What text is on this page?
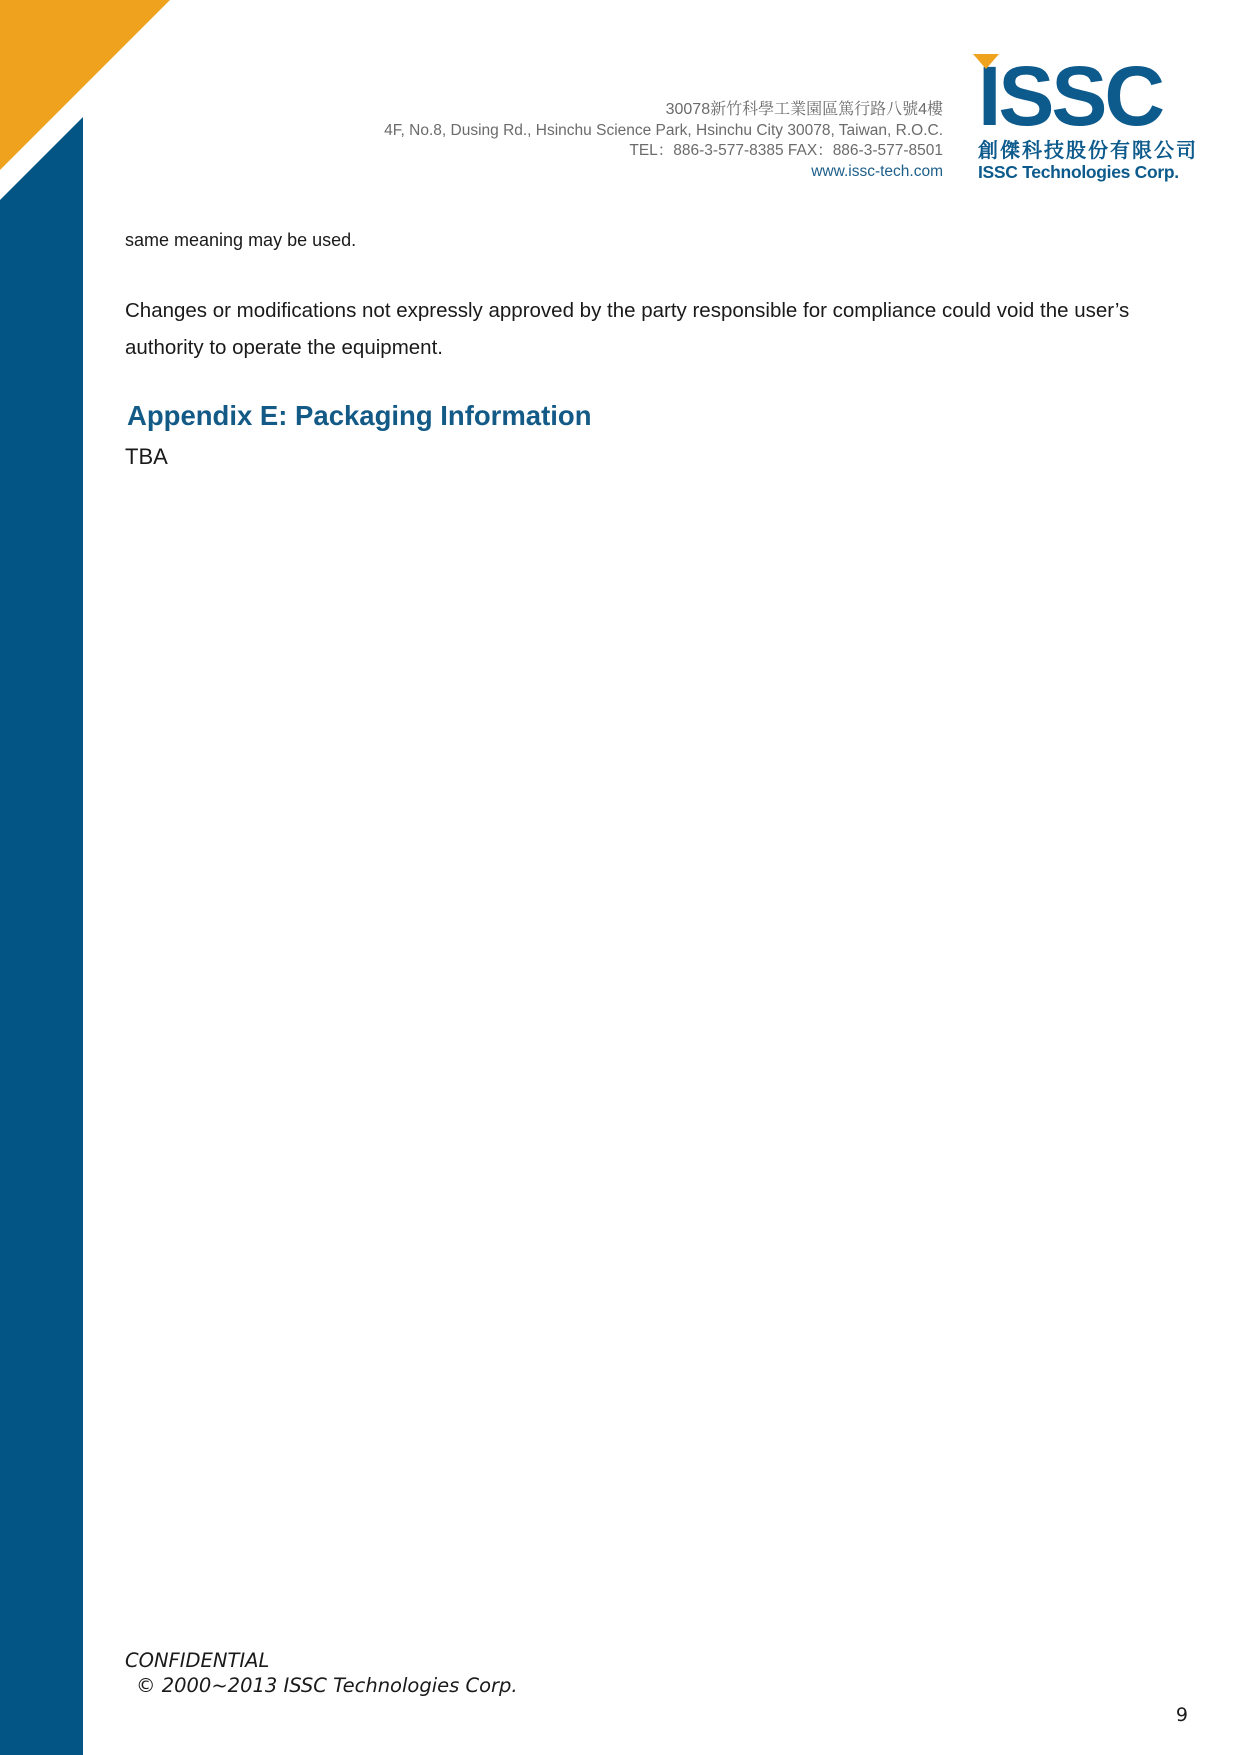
30078新竹科學工業園區篤行路八號4樓
4F, No.8, Dusing Rd., Hsinchu Science Park, Hsinchu City 30078, Taiwan, R.O.C.
TEL：886-3-577-8385 FAX：886-3-577-8501
www.issc-tech.com
ISSC
創傑科技股份有限公司
ISSC Technologies Corp.

same meaning may be used.

Changes or modifications not expressly approved by the party responsible for compliance could void the user’s authority to operate the equipment.

Appendix E: Packaging Information

TBA

CONFIDENTIAL
© 2000~2013 ISSC Technologies Corp.
9
